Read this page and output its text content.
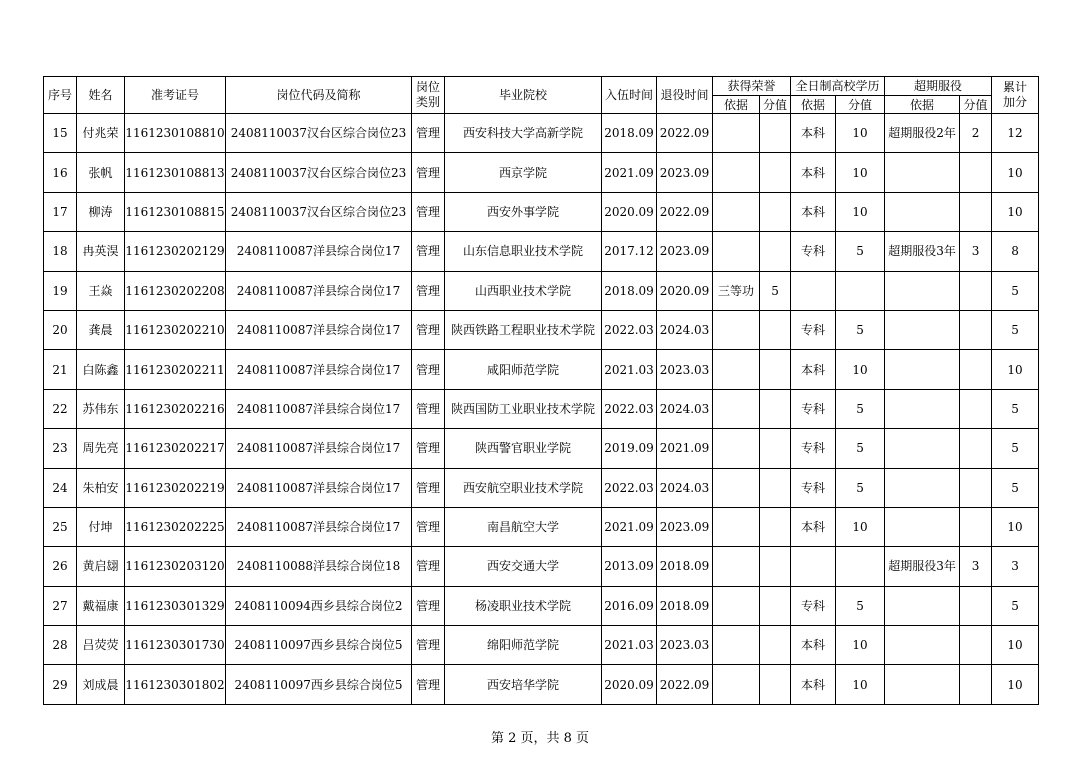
序号	姓名	准考证号	岗位代码及简称	岗位类别	毕业院校	入伍时间	退役时间	获得荣誉		全日制高校学历		超期服役		累计加分
								依据	分值	依据	分值	依据	分值	
15	付兆荣	1161230108810	2408110037汉台区综合岗位23	管理	西安科技大学高新学院	2018.09	2022.09			本科	10	超期服役2年	2	12
16	张帆	1161230108813	2408110037汉台区综合岗位23	管理	西京学院	2021.09	2023.09			本科	10			10
17	柳涛	1161230108815	2408110037汉台区综合岗位23	管理	西安外事学院	2020.09	2022.09			本科	10			10
18	冉英淏	1161230202129	2408110087洋县综合岗位17	管理	山东信息职业技术学院	2017.12	2023.09			专科	5	超期服役3年	3	8
19	王焱	1161230202208	2408110087洋县综合岗位17	管理	山西职业技术学院	2018.09	2020.09	三等功	5					5
20	龚晨	1161230202210	2408110087洋县综合岗位17	管理	陕西铁路工程职业技术学院	2022.03	2024.03			专科	5			5
21	白陈鑫	1161230202211	2408110087洋县综合岗位17	管理	咸阳师范学院	2021.03	2023.03			本科	10			10
22	苏伟东	1161230202216	2408110087洋县综合岗位17	管理	陕西国防工业职业技术学院	2022.03	2024.03			专科	5			5
23	周先亮	1161230202217	2408110087洋县综合岗位17	管理	陕西警官职业学院	2019.09	2021.09			专科	5			5
24	朱柏安	1161230202219	2408110087洋县综合岗位17	管理	西安航空职业技术学院	2022.03	2024.03			专科	5			5
25	付坤	1161230202225	2408110087洋县综合岗位17	管理	南昌航空大学	2021.09	2023.09			本科	10			10
26	黄启翃	1161230203120	2408110088洋县综合岗位18	管理	西安交通大学	2013.09	2018.09					超期服役3年	3	3
27	戴福康	1161230301329	2408110094西乡县综合岗位2	管理	杨凌职业技术学院	2016.09	2018.09			专科	5			5
28	吕荧荧	1161230301730	2408110097西乡县综合岗位5	管理	绵阳师范学院	2021.03	2023.03			本科	10			10
29	刘成晨	1161230301802	2408110097西乡县综合岗位5	管理	西安培华学院	2020.09	2022.09			本科	10			10
第 2 页，共 8 页
